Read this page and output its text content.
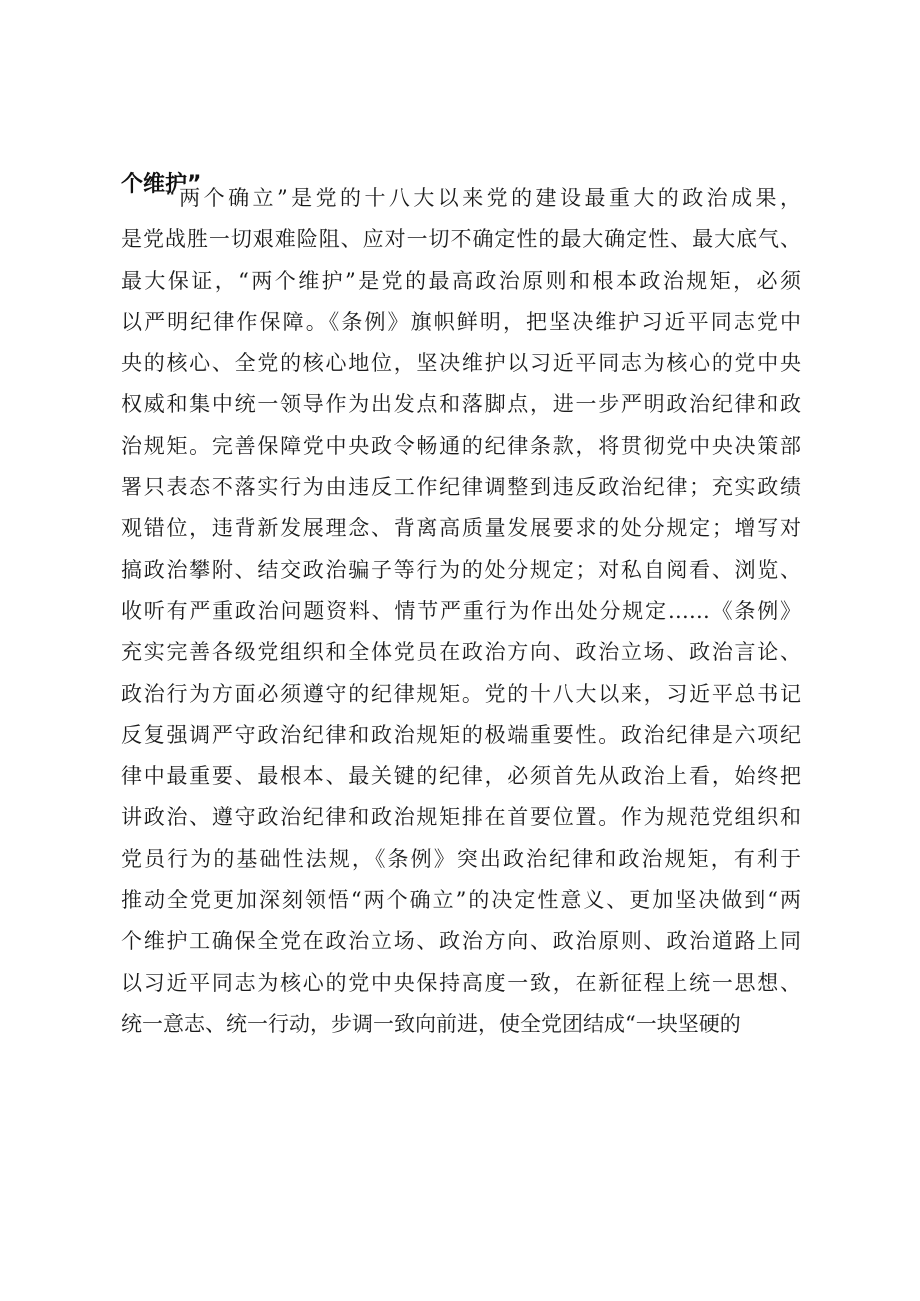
个维护”
“两个确立”是党的十八大以来党的建设最重大的政治成果，
是党战胜一切艰难险阻、应对一切不确定性的最大确定性、最大底气、
最大保证，“两个维护”是党的最高政治原则和根本政治规矩，必须
以严明纪律作保障。《条例》旗帜鲜明，把坚决维护习近平同志党中
央的核心、全党的核心地位，坚决维护以习近平同志为核心的党中央
权威和集中统一领导作为出发点和落脚点，进一步严明政治纪律和政
治规矩。完善保障党中央政令畅通的纪律条款，将贯彻党中央决策部
署只表态不落实行为由违反工作纪律调整到违反政治纪律；充实政绩
观错位，违背新发展理念、背离高质量发展要求的处分规定；增写对
搞政治攀附、结交政治骗子等行为的处分规定；对私自阅看、浏览、
收听有严重政治问题资料、情节严重行为作出处分规定……《条例》
充实完善各级党组织和全体党员在政治方向、政治立场、政治言论、
政治行为方面必须遵守的纪律规矩。党的十八大以来，习近平总书记
反复强调严守政治纪律和政治规矩的极端重要性。政治纪律是六项纪
律中最重要、最根本、最关键的纪律，必须首先从政治上看，始终把
讲政治、遵守政治纪律和政治规矩排在首要位置。作为规范党组织和
党员行为的基础性法规，《条例》突出政治纪律和政治规矩，有利于
推动全党更加深刻领悟“两个确立”的决定性意义、更加坚决做到“两
个维护工确保全党在政治立场、政治方向、政治原则、政治道路上同
以习近平同志为核心的党中央保持高度一致，在新征程上统一思想、
统一意志、统一行动，步调一致向前进，使全党团结成“一块坚硬的
